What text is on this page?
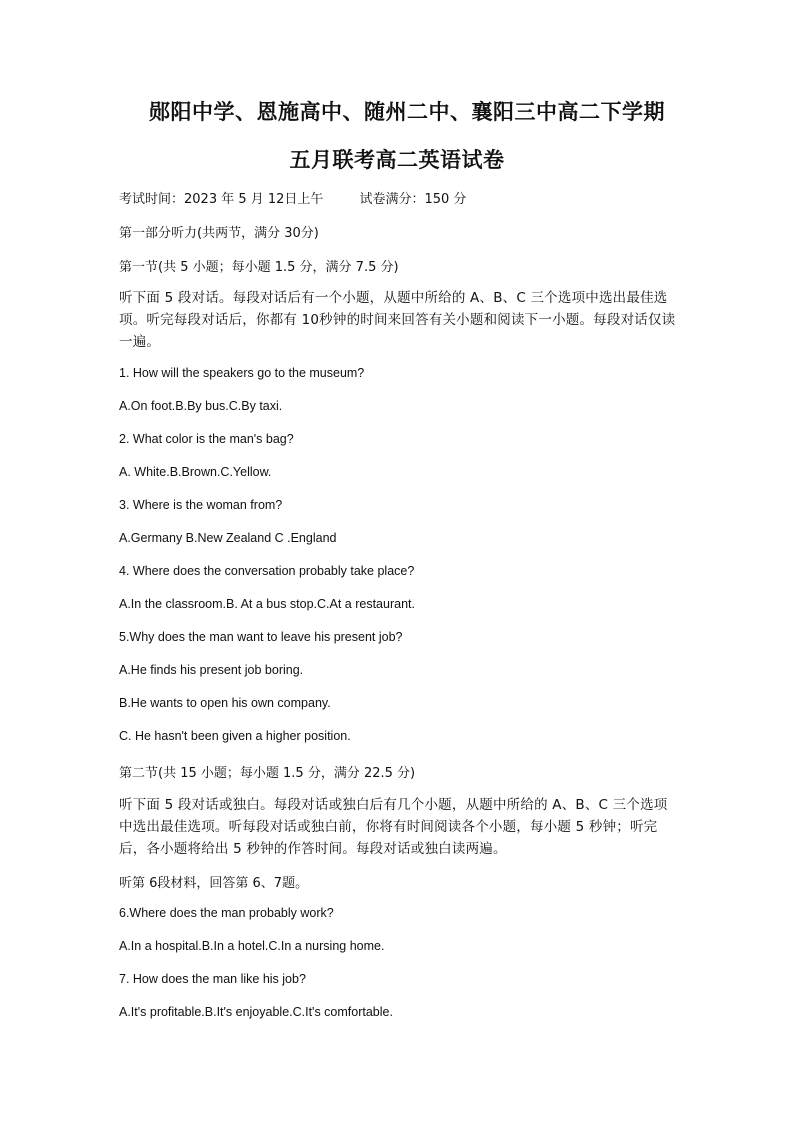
郧阳中学、恩施高中、随州二中、襄阳三中高二下学期
五月联考高二英语试卷
考试时间：2023 年 5 月 12日上午	试卷满分：150 分
第一部分听力(共两节，满分 30分)
第一节(共 5 小题；每小题 1.5 分，满分 7.5 分)
听下面 5 段对话。每段对话后有一个小题，从题中所给的 A、B、C 三个选项中选出最佳选项。听完每段对话后，你都有 10秒钟的时间来回答有关小题和阅读下一小题。每段对话仅读一遍。
1. How will the speakers go to the museum?
A.On foot.B.By bus.C.By taxi.
2. What color is the man's bag?
A. White.B.Brown.C.Yellow.
3. Where is the woman from?
A.Germany B.New Zealand C .England
4. Where does the conversation probably take place?
A.In the classroom.B. At a bus stop.C.At a restaurant.
5.Why does the man want to leave his present job?
A.He finds his present job boring.
B.He wants to open his own company.
C. He hasn't been given a higher position.
第二节(共 15 小题；每小题 1.5 分，满分 22.5 分)
听下面 5 段对话或独白。每段对话或独白后有几个小题，从题中所给的 A、B、C 三个选项中选出最佳选项。听每段对话或独白前，你将有时间阅读各个小题，每小题 5 秒钟；听完后，各小题将给出 5 秒钟的作答时间。每段对话或独白读两遍。
听第 6段材料，回答第 6、7题。
6.Where does the man probably work?
A.In a hospital.B.In a hotel.C.In a nursing home.
7. How does the man like his job?
A.It's profitable.B.It's enjoyable.C.It's comfortable.
